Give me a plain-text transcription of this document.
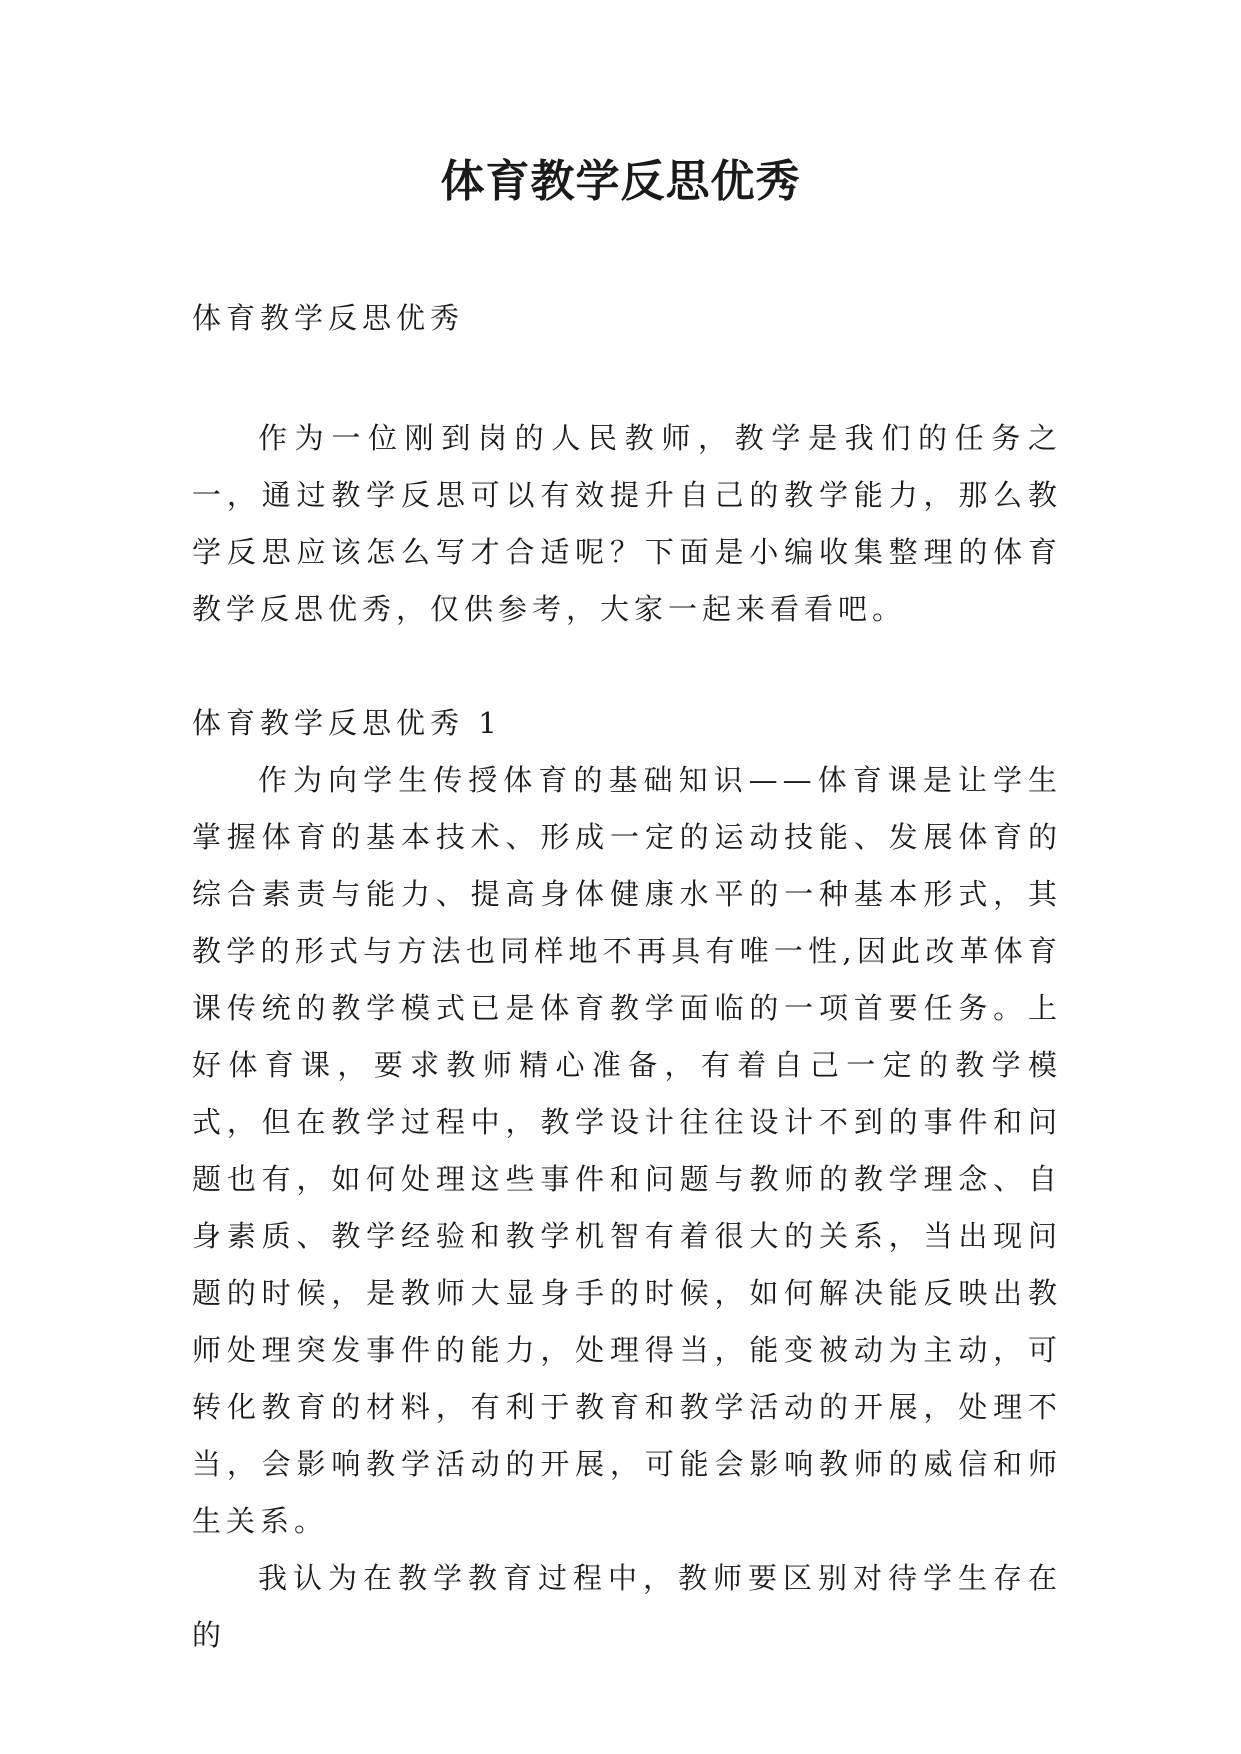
体育教学反思优秀

体育教学反思优秀

作为一位刚到岗的人民教师，教学是我们的任务之一，通过教学反思可以有效提升自己的教学能力，那么教学反思应该怎么写才合适呢？下面是小编收集整理的体育教学反思优秀，仅供参考，大家一起来看看吧。

体育教学反思优秀 1

作为向学生传授体育的基础知识——体育课是让学生掌握体育的基本技术、形成一定的运动技能、发展体育的综合素责与能力、提高身体健康水平的一种基本形式，其教学的形式与方法也同样地不再具有唯一性,因此改革体育课传统的教学模式已是体育教学面临的一项首要任务。上好体育课，要求教师精心准备，有着自己一定的教学模式，但在教学过程中，教学设计往往设计不到的事件和问题也有，如何处理这些事件和问题与教师的教学理念、自身素质、教学经验和教学机智有着很大的关系，当出现问题的时候，是教师大显身手的时候，如何解决能反映出教师处理突发事件的能力，处理得当，能变被动为主动，可转化教育的材料，有利于教育和教学活动的开展，处理不当，会影响教学活动的开展，可能会影响教师的威信和师生关系。

我认为在教学教育过程中，教师要区别对待学生存在的
